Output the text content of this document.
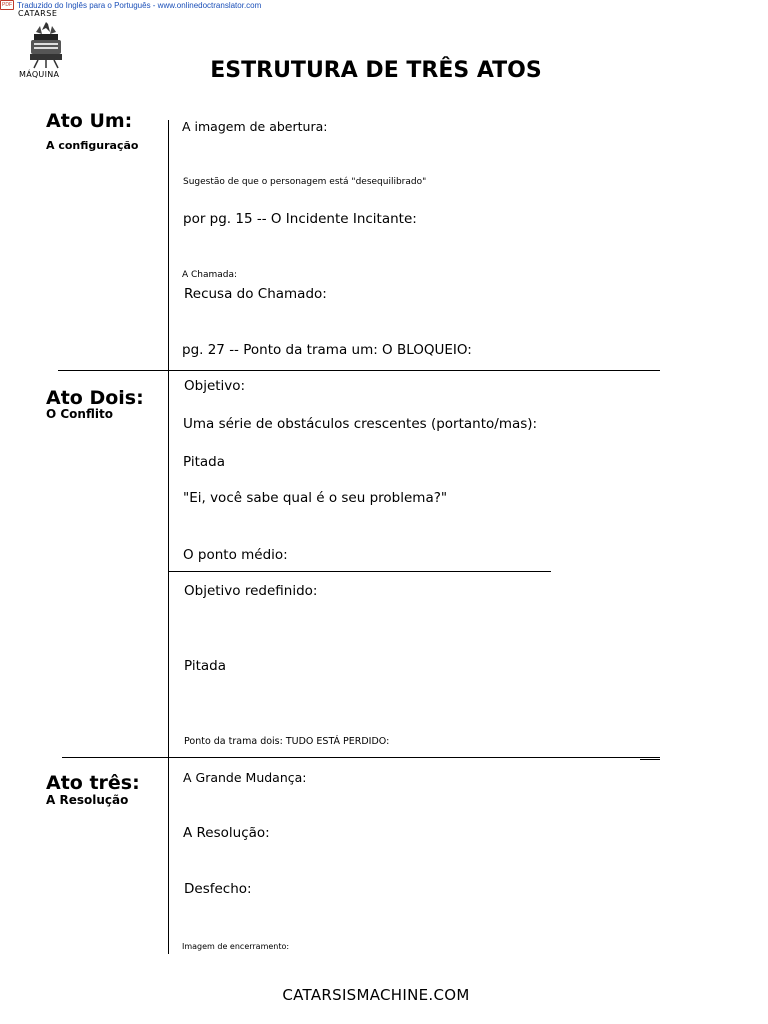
PDF Traduzido do Inglês para o Português - www.onlinedoctranslator.com
CATARSE
MÁQUINA	ESTRUTURA DE TRÊS ATOS
Ato Um:
A configuração
Ato Dois:
O Conflito
Ato três:
A Resolução
A imagem de abertura:
Sugestão de que o personagem está "desequilibrado"
por pg. 15 -- O Incidente Incitante:
A Chamada:
Recusa do Chamado:
pg. 27 -- Ponto da trama um: O BLOQUEIO:
Objetivo:
Uma série de obstáculos crescentes (portanto/mas):
Pitada
"Ei, você sabe qual é o seu problema?"
O ponto médio:
Objetivo redefinido:
Pitada
Ponto da trama dois: TUDO ESTÁ PERDIDO:
A Grande Mudança:
A Resolução:
Desfecho:
Imagem de encerramento:
CATARSISMACHINE.COM
